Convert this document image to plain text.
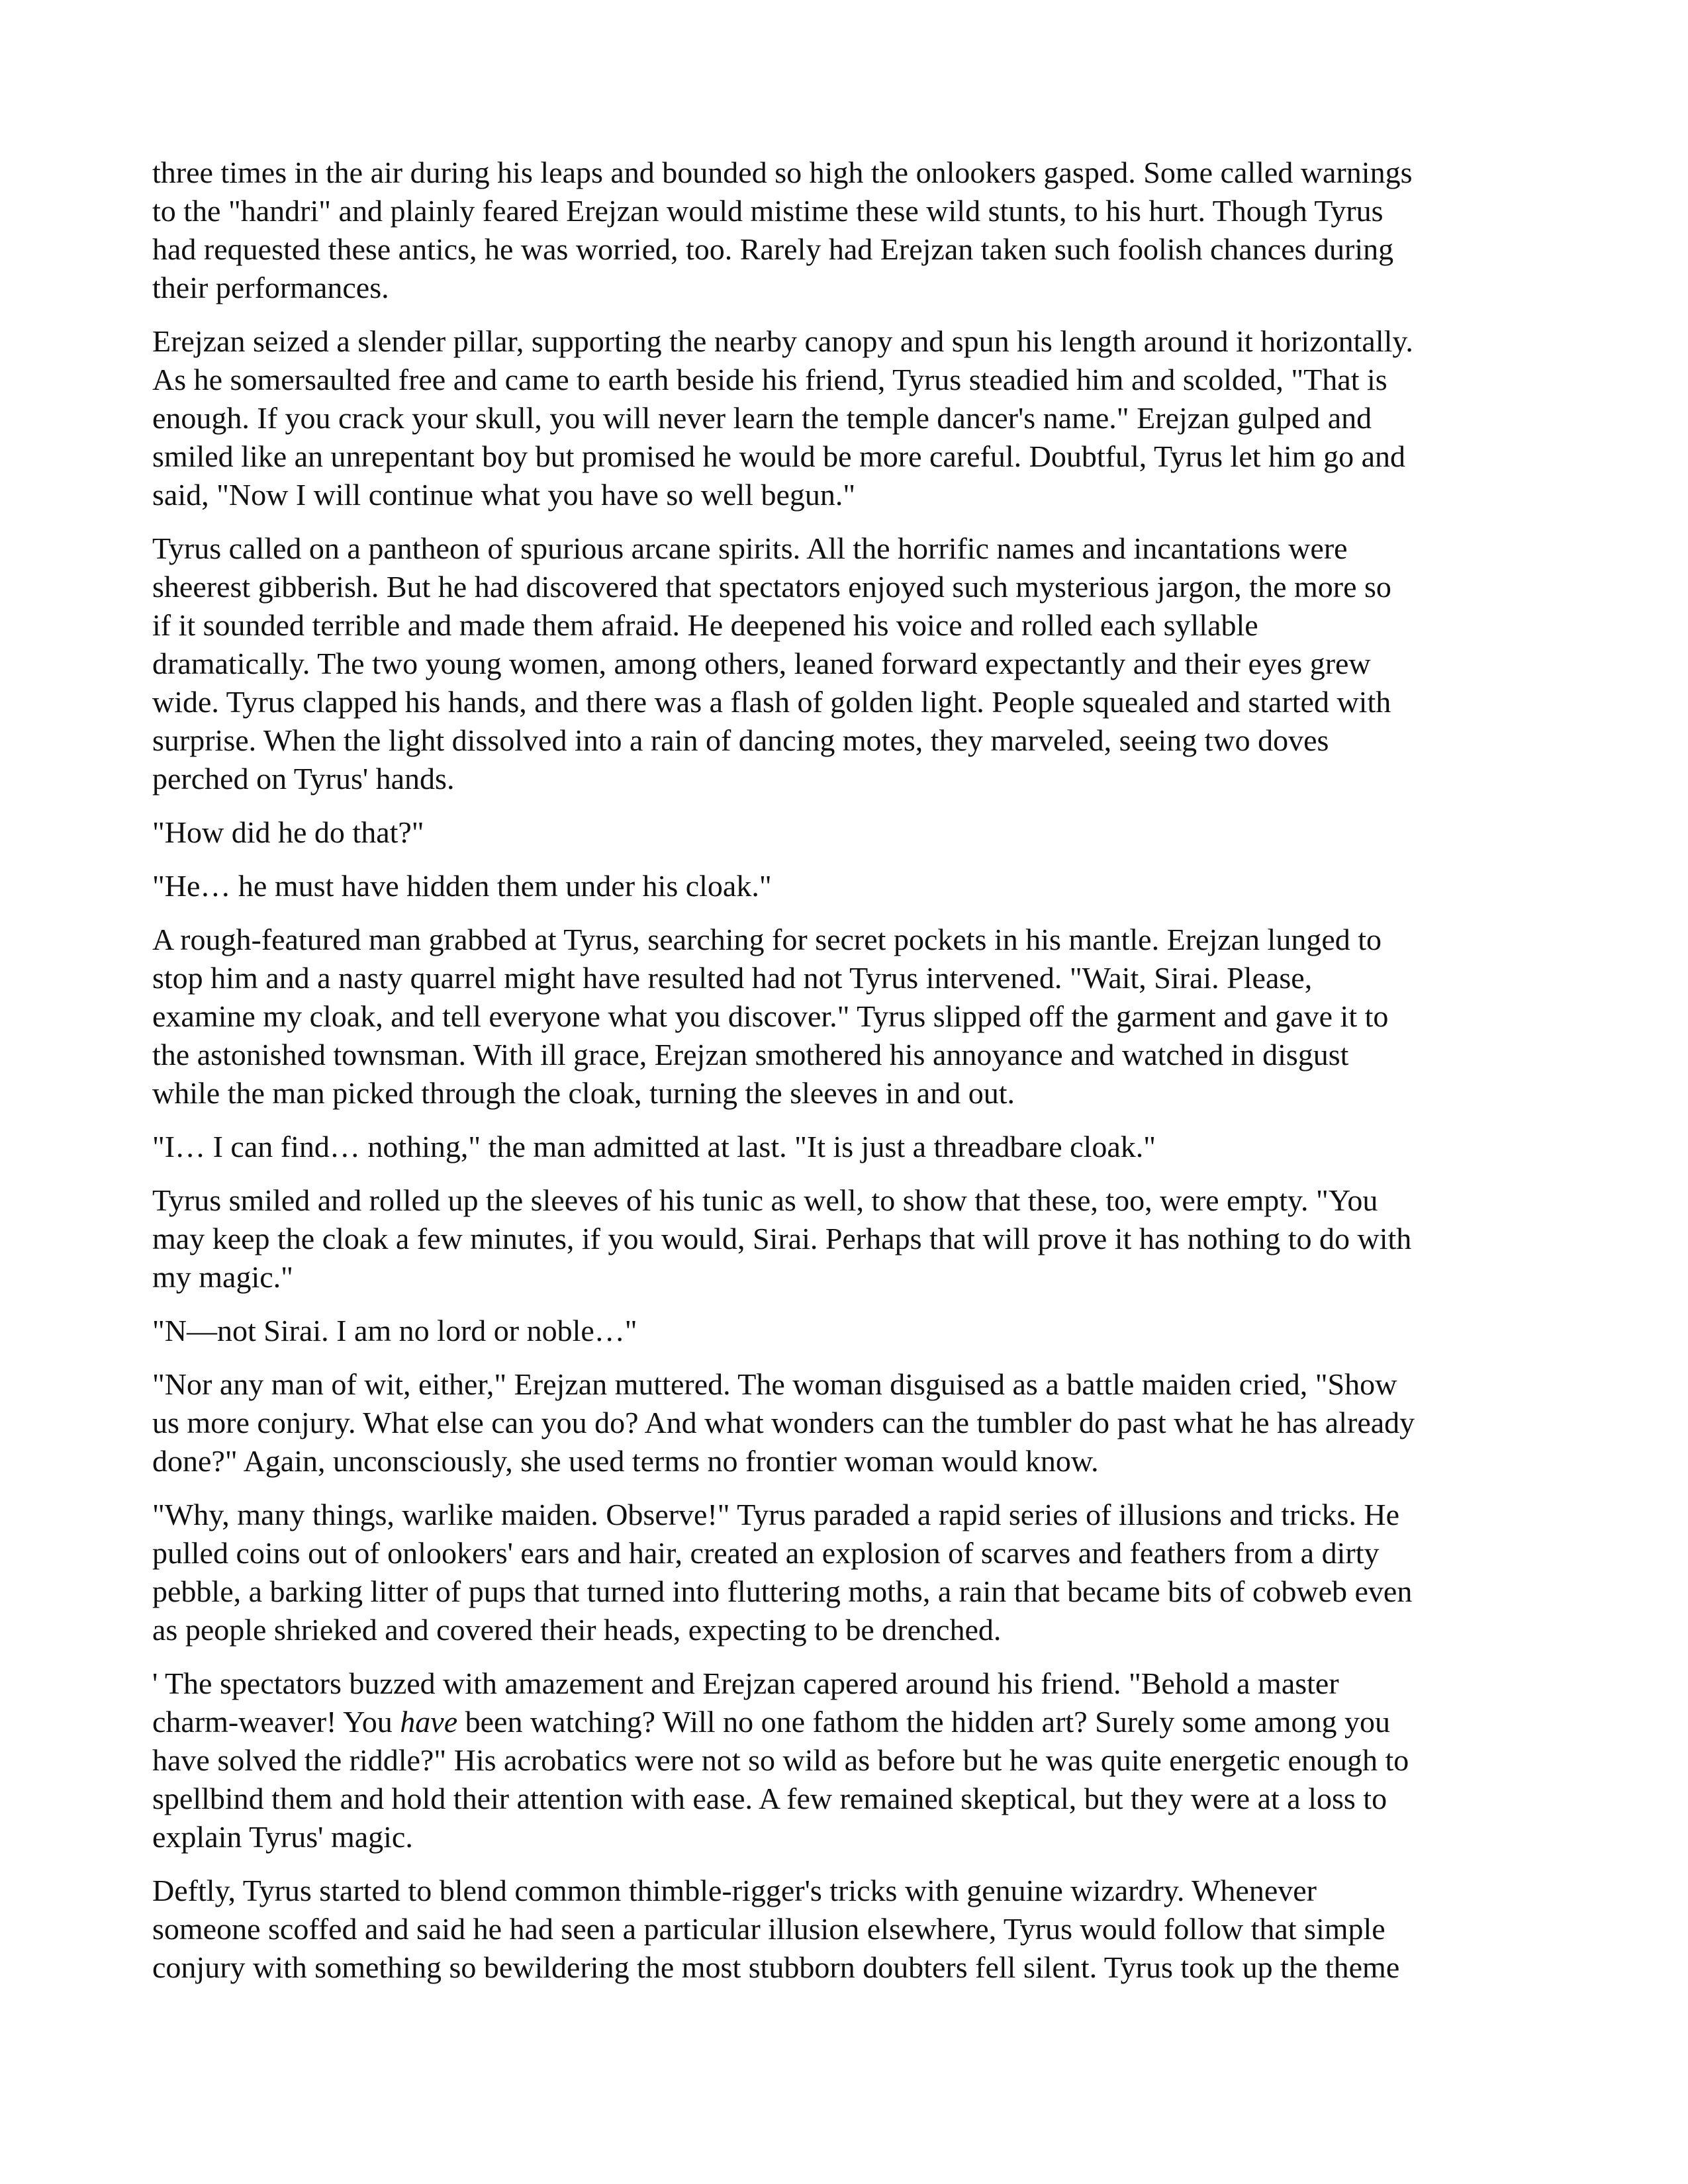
three times in the air during his leaps and bounded so high the onlookers gasped. Some called warnings
to the "handri" and plainly feared Erejzan would mistime these wild stunts, to his hurt. Though Tyrus
had requested these antics, he was worried, too. Rarely had Erejzan taken such foolish chances during
their performances.

Erejzan seized a slender pillar, supporting the nearby canopy and spun his length around it horizontally.
As he somersaulted free and came to earth beside his friend, Tyrus steadied him and scolded, "That is
enough. If you crack your skull, you will never learn the temple dancer's name." Erejzan gulped and
smiled like an unrepentant boy but promised he would be more careful. Doubtful, Tyrus let him go and
said, "Now I will continue what you have so well begun."

Tyrus called on a pantheon of spurious arcane spirits. All the horrific names and incantations were
sheerest gibberish. But he had discovered that spectators enjoyed such mysterious jargon, the more so
if it sounded terrible and made them afraid. He deepened his voice and rolled each syllable
dramatically. The two young women, among others, leaned forward expectantly and their eyes grew
wide. Tyrus clapped his hands, and there was a flash of golden light. People squealed and started with
surprise. When the light dissolved into a rain of dancing motes, they marveled, seeing two doves
perched on Tyrus' hands.

"How did he do that?"

"He… he must have hidden them under his cloak."

A rough-featured man grabbed at Tyrus, searching for secret pockets in his mantle. Erejzan lunged to
stop him and a nasty quarrel might have resulted had not Tyrus intervened. "Wait, Sirai. Please,
examine my cloak, and tell everyone what you discover." Tyrus slipped off the garment and gave it to
the astonished townsman. With ill grace, Erejzan smothered his annoyance and watched in disgust
while the man picked through the cloak, turning the sleeves in and out.

"I… I can find… nothing," the man admitted at last. "It is just a threadbare cloak."

Tyrus smiled and rolled up the sleeves of his tunic as well, to show that these, too, were empty. "You
may keep the cloak a few minutes, if you would, Sirai. Perhaps that will prove it has nothing to do with
my magic."

"N—not Sirai. I am no lord or noble…"

"Nor any man of wit, either," Erejzan muttered. The woman disguised as a battle maiden cried, "Show
us more conjury. What else can you do? And what wonders can the tumbler do past what he has already
done?" Again, unconsciously, she used terms no frontier woman would know.

"Why, many things, warlike maiden. Observe!" Tyrus paraded a rapid series of illusions and tricks. He
pulled coins out of onlookers' ears and hair, created an explosion of scarves and feathers from a dirty
pebble, a barking litter of pups that turned into fluttering moths, a rain that became bits of cobweb even
as people shrieked and covered their heads, expecting to be drenched.

' The spectators buzzed with amazement and Erejzan capered around his friend. "Behold a master
charm-weaver! You have been watching? Will no one fathom the hidden art? Surely some among you
have solved the riddle?" His acrobatics were not so wild as before but he was quite energetic enough to
spellbind them and hold their attention with ease. A few remained skeptical, but they were at a loss to
explain Tyrus' magic.

Deftly, Tyrus started to blend common thimble-rigger's tricks with genuine wizardry. Whenever
someone scoffed and said he had seen a particular illusion elsewhere, Tyrus would follow that simple
conjury with something so bewildering the most stubborn doubters fell silent. Tyrus took up the theme
